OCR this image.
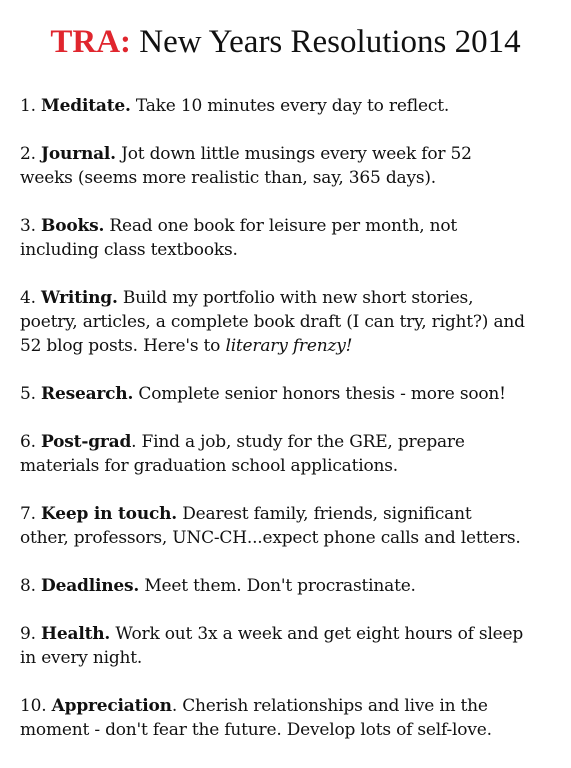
TRA: New Years Resolutions 2014
1. Meditate. Take 10 minutes every day to reflect.
2. Journal. Jot down little musings every week for 52
weeks (seems more realistic than, say, 365 days).
3. Books. Read one book for leisure per month, not
including class textbooks.
4. Writing. Build my portfolio with new short stories,
poetry, articles, a complete book draft (I can try, right?) and
52 blog posts. Here's to literary frenzy!
5. Research. Complete senior honors thesis - more soon!
6. Post-grad. Find a job, study for the GRE, prepare
materials for graduation school applications.
7. Keep in touch. Dearest family, friends, significant
other, professors, UNC-CH...expect phone calls and letters.
8. Deadlines. Meet them. Don't procrastinate.
9. Health. Work out 3x a week and get eight hours of sleep
in every night.
10. Appreciation. Cherish relationships and live in the
moment - don't fear the future. Develop lots of self-love.
